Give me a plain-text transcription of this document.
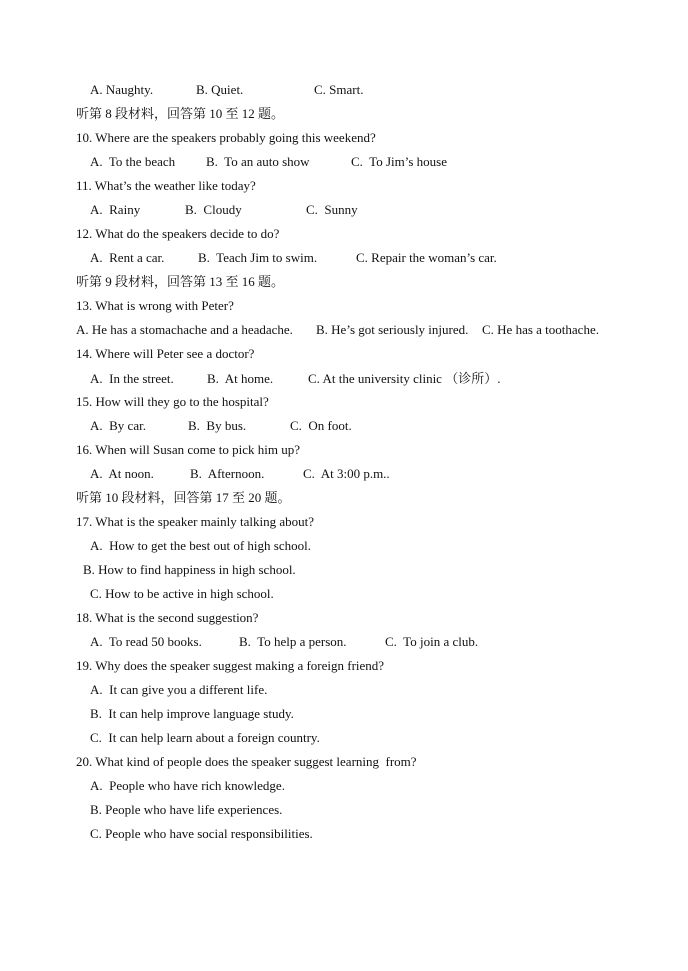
A. Naughty.	B. Quiet.	C. Smart.
听第 8 段材料，回答第 10 至 12 题。
10. Where are the speakers probably going this weekend?
A.  To the beach B.  To an auto show	C.  To Jim’s house
11. What’s the weather like today?
A.  Rainy	B.  Cloudy	C.  Sunny
12. What do the speakers decide to do?
A.  Rent a car.	B.  Teach Jim to swim.	C. Repair the woman’s car.
听第 9 段材料，回答第 13 至 16 题。
13. What is wrong with Peter?
A. He has a stomachache and a headache. B. He’s got seriously injured. C. He has a toothache.
14. Where will Peter see a doctor?
A.  In the street.	B.  At home.	C. At the university clinic （诊所）.
15. How will they go to the hospital?
A.  By car.	B.  By bus.	C.  On foot.
16. When will Susan come to pick him up?
A.  At noon.	B.  Afternoon.	C.  At 3:00 p.m..
听第 10 段材料，回答第 17 至 20 题。
17. What is the speaker mainly talking about?
A.  How to get the best out of high school.
B. How to find happiness in high school.
C. How to be active in high school.
18. What is the second suggestion?
A.  To read 50 books.	B.  To help a person.	C.  To join a club.
19. Why does the speaker suggest making a foreign friend?
A.  It can give you a different life.
B.  It can help improve language study.
C.  It can help learn about a foreign country.
20. What kind of people does the speaker suggest learning  from?
A.  People who have rich knowledge.
B. People who have life experiences.
C. People who have social responsibilities.
